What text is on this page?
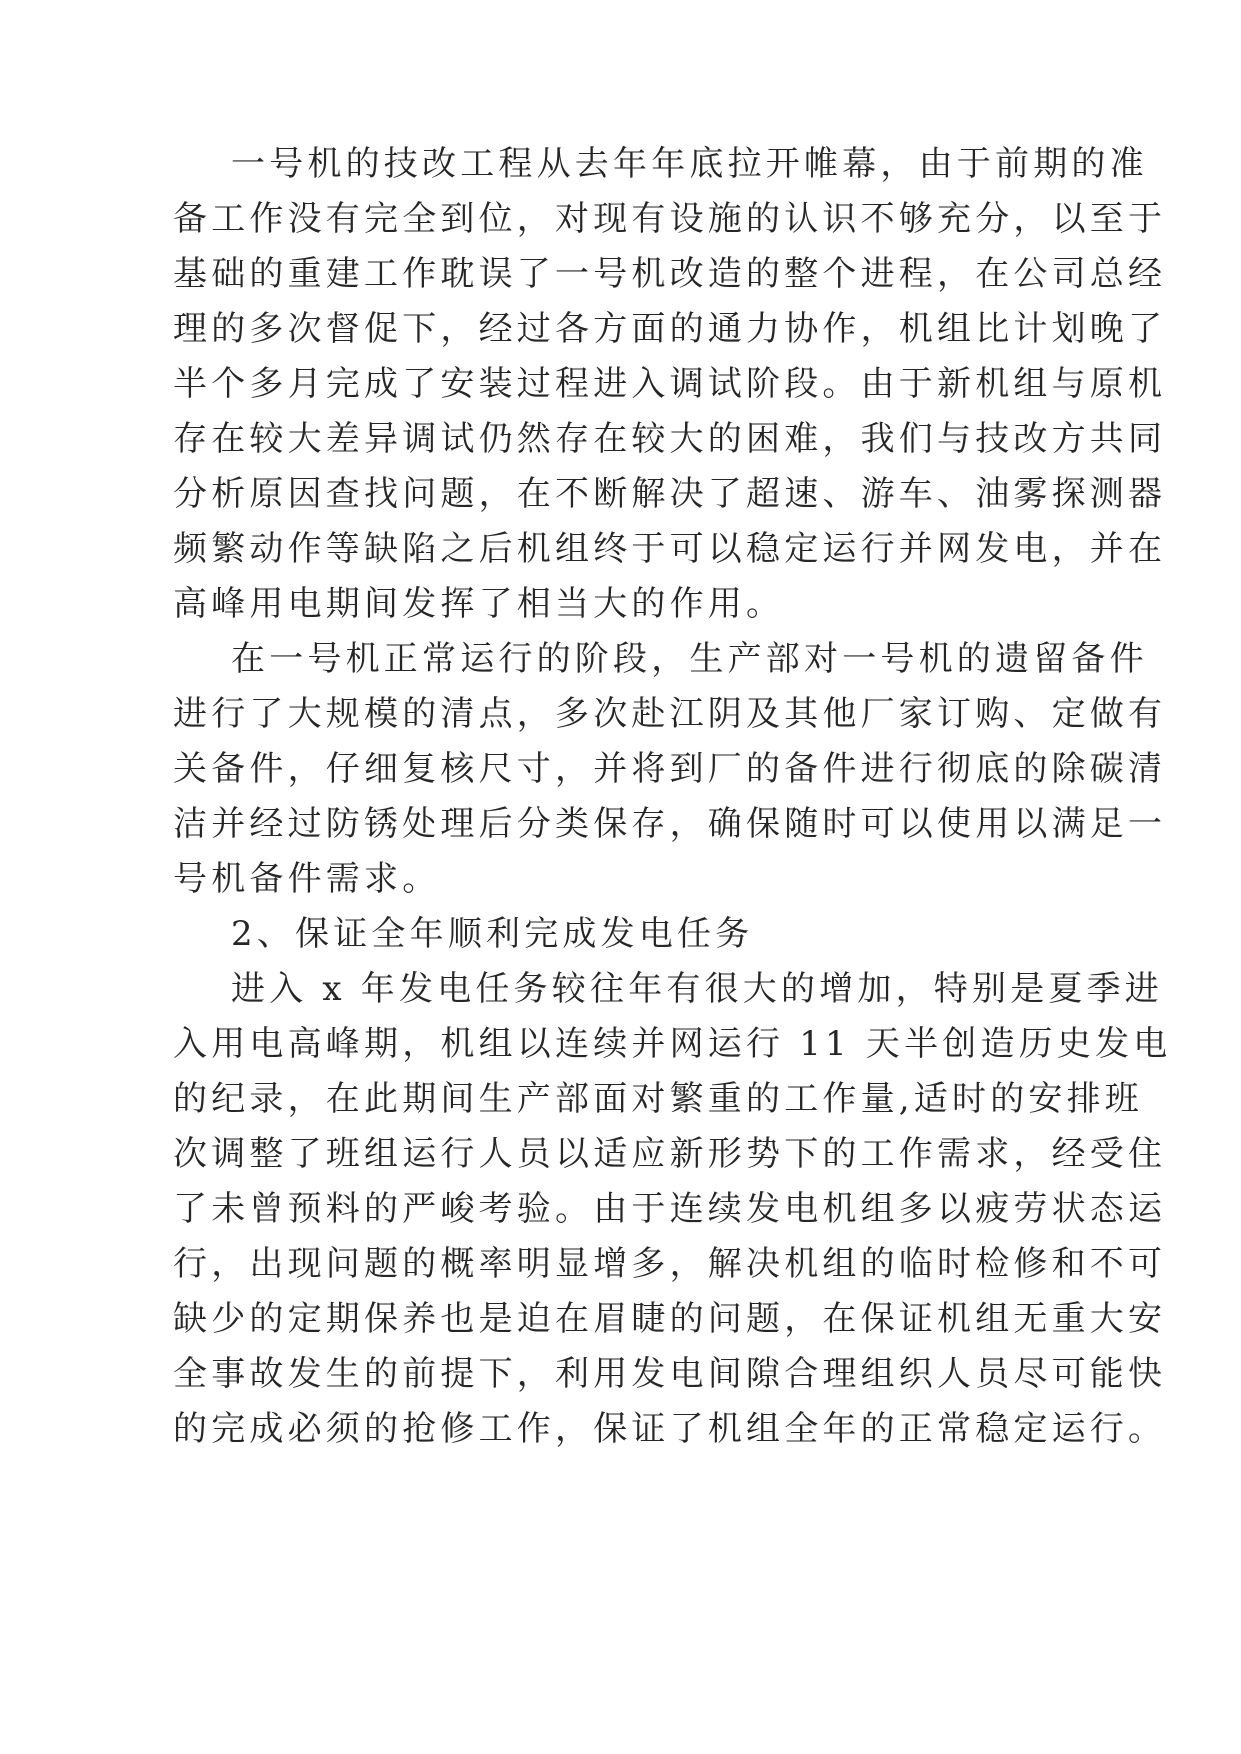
一号机的技改工程从去年年底拉开帷幕，由于前期的准
备工作没有完全到位，对现有设施的认识不够充分，以至于
基础的重建工作耽误了一号机改造的整个进程，在公司总经
理的多次督促下，经过各方面的通力协作，机组比计划晚了
半个多月完成了安装过程进入调试阶段。由于新机组与原机
存在较大差异调试仍然存在较大的困难，我们与技改方共同
分析原因查找问题，在不断解决了超速、游车、油雾探测器
频繁动作等缺陷之后机组终于可以稳定运行并网发电，并在
高峰用电期间发挥了相当大的作用。
在一号机正常运行的阶段，生产部对一号机的遗留备件
进行了大规模的清点，多次赴江阴及其他厂家订购、定做有
关备件，仔细复核尺寸，并将到厂的备件进行彻底的除碳清
洁并经过防锈处理后分类保存，确保随时可以使用以满足一
号机备件需求。
2、保证全年顺利完成发电任务
进入 x 年发电任务较往年有很大的增加，特别是夏季进
入用电高峰期，机组以连续并网运行 11 天半创造历史发电
的纪录，在此期间生产部面对繁重的工作量,适时的安排班
次调整了班组运行人员以适应新形势下的工作需求，经受住
了未曾预料的严峻考验。由于连续发电机组多以疲劳状态运
行，出现问题的概率明显增多，解决机组的临时检修和不可
缺少的定期保养也是迫在眉睫的问题，在保证机组无重大安
全事故发生的前提下，利用发电间隙合理组织人员尽可能快
的完成必须的抢修工作，保证了机组全年的正常稳定运行。
